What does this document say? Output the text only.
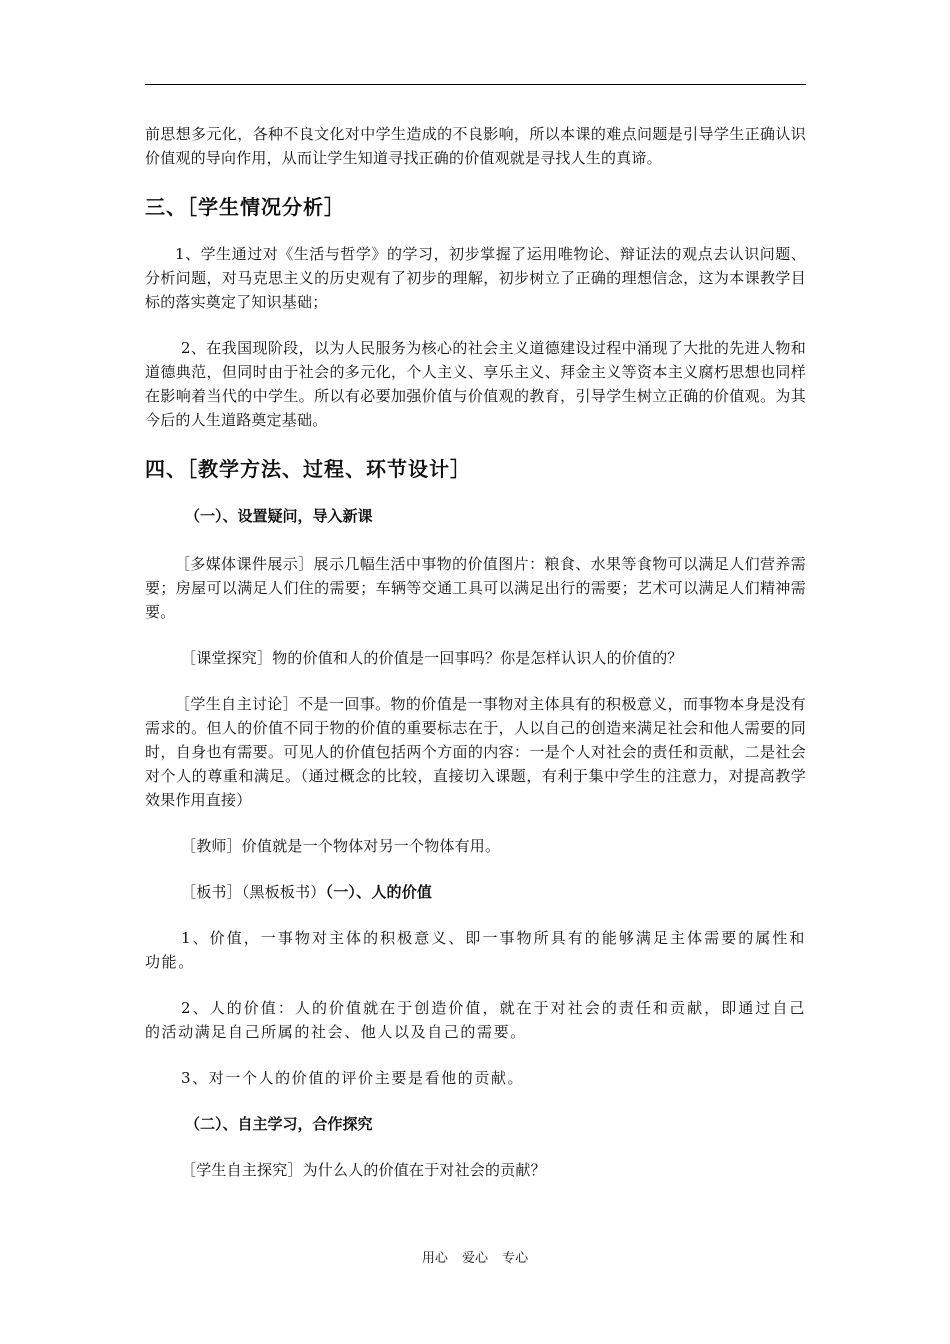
前思想多元化，各种不良文化对中学生造成的不良影响，所以本课的难点问题是引导学生正确认识价值观的导向作用，从而让学生知道寻找正确的价值观就是寻找人生的真谛。

三、［学生情况分析］

1、学生通过对《生活与哲学》的学习，初步掌握了运用唯物论、辩证法的观点去认识问题、分析问题，对马克思主义的历史观有了初步的理解，初步树立了正确的理想信念，这为本课教学目标的落实奠定了知识基础；

2、在我国现阶段，以为人民服务为核心的社会主义道德建设过程中涌现了大批的先进人物和道德典范，但同时由于社会的多元化，个人主义、享乐主义、拜金主义等资本主义腐朽思想也同样在影响着当代的中学生。所以有必要加强价值与价值观的教育，引导学生树立正确的价值观。为其今后的人生道路奠定基础。

四、［教学方法、过程、环节设计］
（一）、设置疑问，导入新课

［多媒体课件展示］展示几幅生活中事物的价值图片：粮食、水果等食物可以满足人们营养需要；房屋可以满足人们住的需要；车辆等交通工具可以满足出行的需要；艺术可以满足人们精神需要。

［课堂探究］物的价值和人的价值是一回事吗？你是怎样认识人的价值的？

［学生自主讨论］不是一回事。物的价值是一事物对主体具有的积极意义，而事物本身是没有需求的。但人的价值不同于物的价值的重要标志在于，人以自己的创造来满足社会和他人需要的同时，自身也有需要。可见人的价值包括两个方面的内容：一是个人对社会的责任和贡献，二是社会对个人的尊重和满足。（通过概念的比较，直接切入课题，有利于集中学生的注意力，对提高教学效果作用直接）

［教师］价值就是一个物体对另一个物体有用。

［板书］（黑板板书）（一）、人的价值

1、价值，一事物对主体的积极意义、即一事物所具有的能够满足主体需要的属性和功能。

2、人的价值：人的价值就在于创造价值，就在于对社会的责任和贡献，即通过自己的活动满足自己所属的社会、他人以及自己的需要。

3、对一个人的价值的评价主要是看他的贡献。

（二）、自主学习，合作探究

［学生自主探究］为什么人的价值在于对社会的贡献？

用心 爱心 专心
